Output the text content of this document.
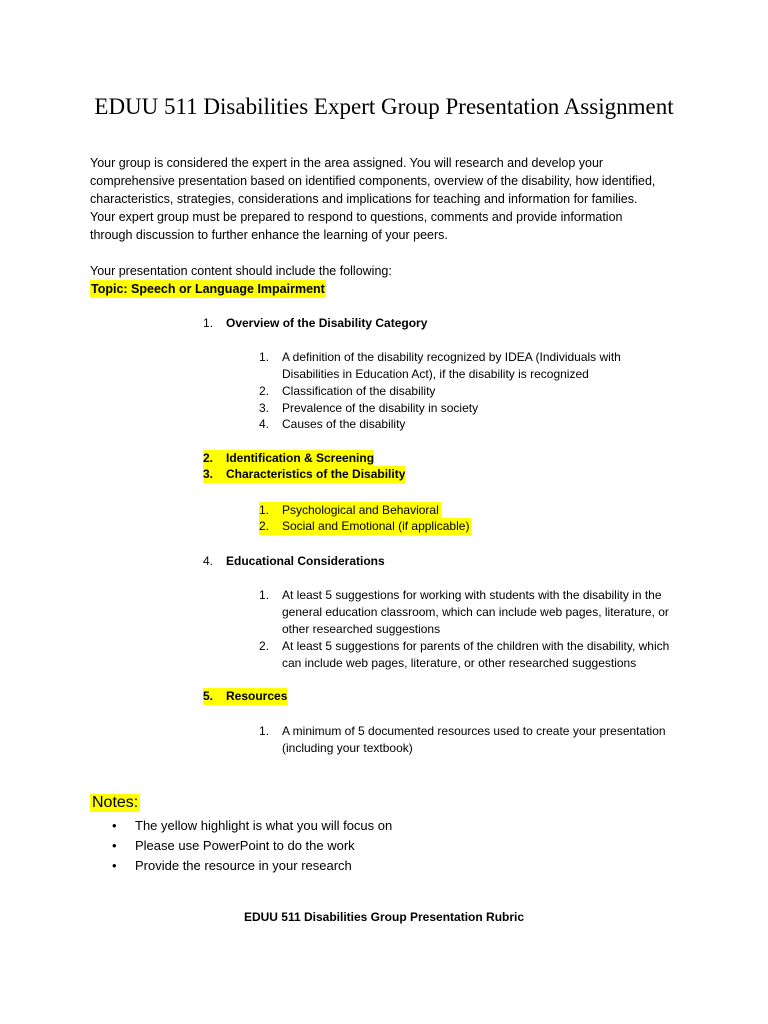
EDUU 511 Disabilities Expert Group Presentation Assignment

Your group is considered the expert in the area assigned. You will research and develop your

comprehensive presentation based on identified components, overview of the disability, how identified,

characteristics, strategies, considerations and implications for teaching and information for families.

Your expert group must be prepared to respond to questions, comments and provide information

through discussion to further enhance the learning of your peers.

Your presentation content should include the following:
Topic: Speech or Language Impairment
1. Overview of the Disability Category
1.	A definition of the disability recognized by IDEA (Individuals with Disabilities in Education Act), if the disability is recognized
2.	Classification of the disability
3.	Prevalence of the disability in society
4.	Causes of the disability
2. Identification & Screening
3. Characteristics of the Disability
1.	Psychological and Behavioral
2.	Social and Emotional (if applicable)
4. Educational Considerations
1.	At least 5 suggestions for working with students with the disability in the general education classroom, which can include web pages, literature, or other researched suggestions
2.	At least 5 suggestions for parents of the children with the disability, which can include web pages, literature, or other researched suggestions
5. Resources
1.	A minimum of 5 documented resources used to create your presentation (including your textbook)
Notes:
• The yellow highlight is what you will focus on
• Please use PowerPoint to do the work
• Provide the resource in your research
EDUU 511 Disabilities Group Presentation Rubric
